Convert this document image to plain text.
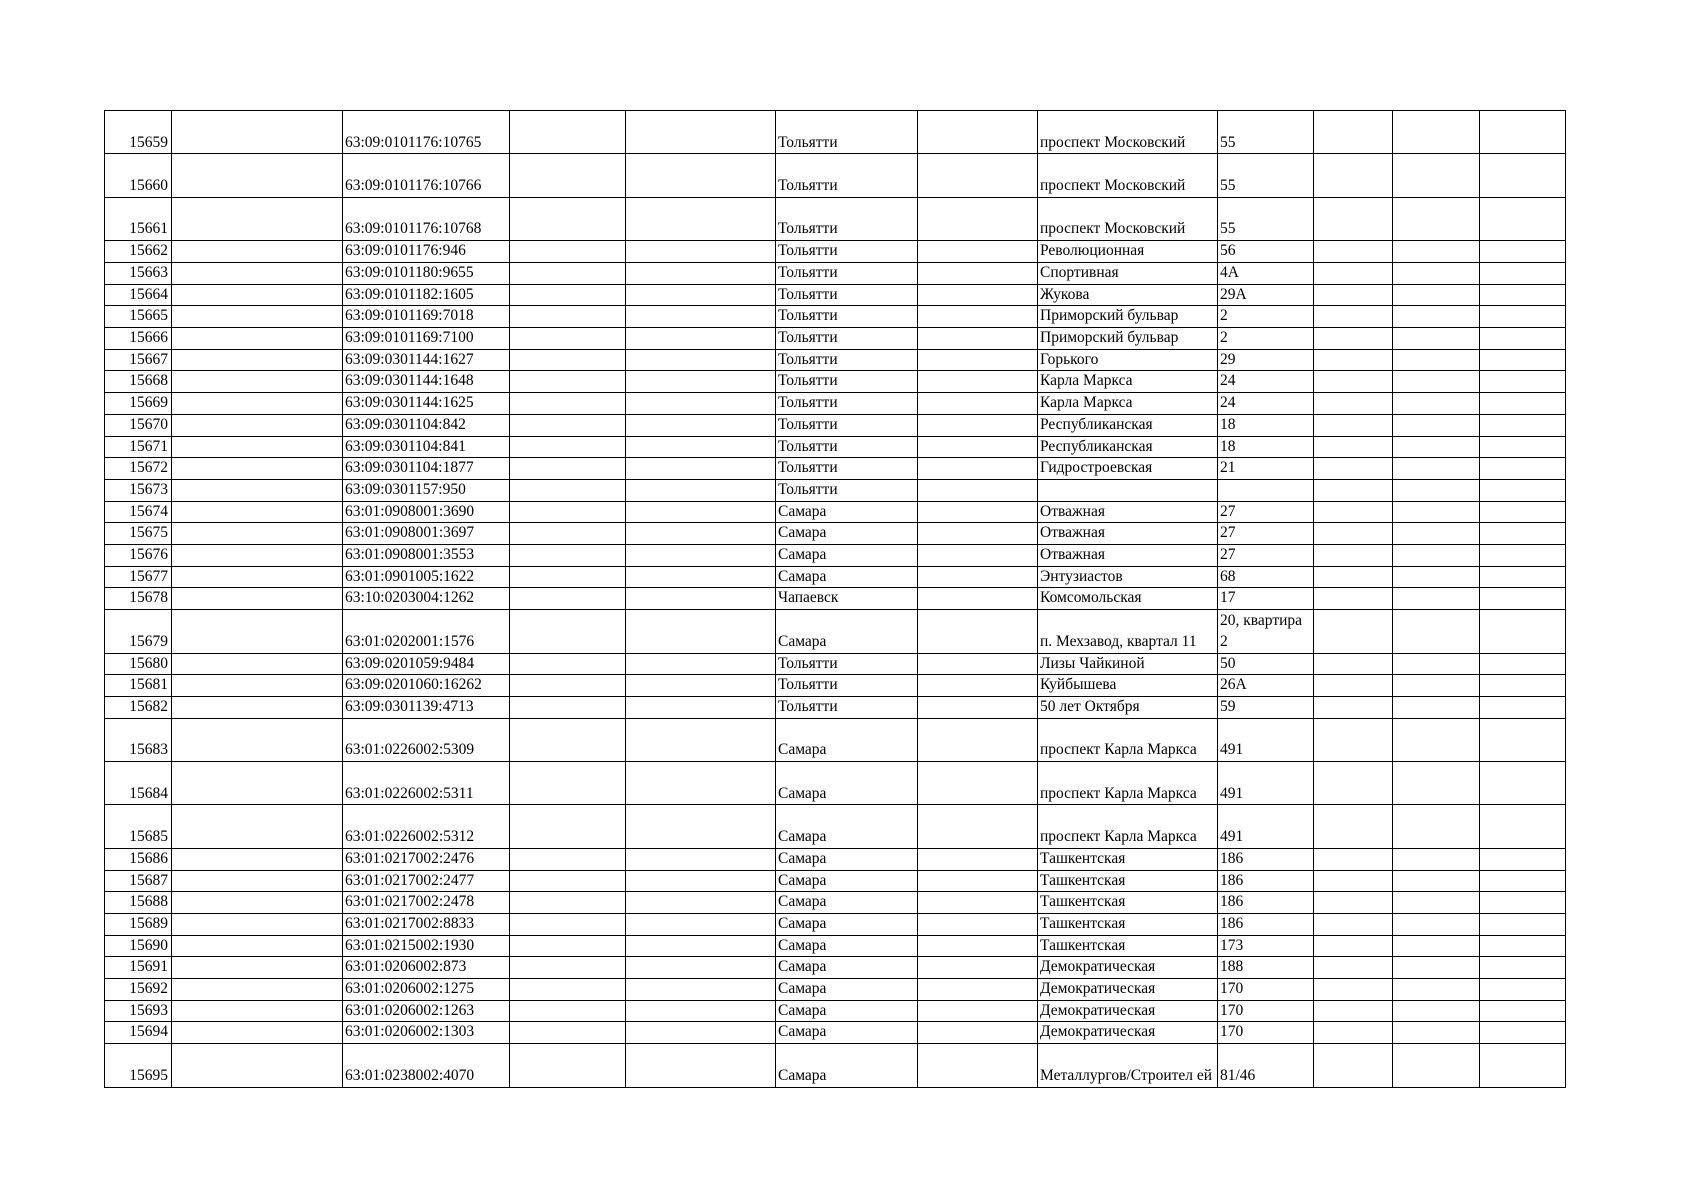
15659		63:09:0101176:10765			Тольятти		проспект Московский	55			
15660		63:09:0101176:10766			Тольятти		проспект Московский	55			
15661		63:09:0101176:10768			Тольятти		проспект Московский	55			
15662		63:09:0101176:946			Тольятти		Революционная	56			
15663		63:09:0101180:9655			Тольятти		Спортивная	4А			
15664		63:09:0101182:1605			Тольятти		Жукова	29А			
15665		63:09:0101169:7018			Тольятти		Приморский бульвар	2			
15666		63:09:0101169:7100			Тольятти		Приморский бульвар	2			
15667		63:09:0301144:1627			Тольятти		Горького	29			
15668		63:09:0301144:1648			Тольятти		Карла Маркса	24			
15669		63:09:0301144:1625			Тольятти		Карла Маркса	24			
15670		63:09:0301104:842			Тольятти		Республиканская	18			
15671		63:09:0301104:841			Тольятти		Республиканская	18			
15672		63:09:0301104:1877			Тольятти		Гидростроевская	21			
15673		63:09:0301157:950			Тольятти						
15674		63:01:0908001:3690			Самара		Отважная	27			
15675		63:01:0908001:3697			Самара		Отважная	27			
15676		63:01:0908001:3553			Самара		Отважная	27			
15677		63:01:0901005:1622			Самара		Энтузиастов	68			
15678		63:10:0203004:1262			Чапаевск		Комсомольская	17			
15679		63:01:0202001:1576			Самара		п. Мехзавод, квартал 11	20, квартира 2			
15680		63:09:0201059:9484			Тольятти		Лизы Чайкиной	50			
15681		63:09:0201060:16262			Тольятти		Куйбышева	26А			
15682		63:09:0301139:4713			Тольятти		50 лет Октября	59			
15683		63:01:0226002:5309			Самара		проспект Карла Маркса	491			
15684		63:01:0226002:5311			Самара		проспект Карла Маркса	491			
15685		63:01:0226002:5312			Самара		проспект Карла Маркса	491			
15686		63:01:0217002:2476			Самара		Ташкентская	186			
15687		63:01:0217002:2477			Самара		Ташкентская	186			
15688		63:01:0217002:2478			Самара		Ташкентская	186			
15689		63:01:0217002:8833			Самара		Ташкентская	186			
15690		63:01:0215002:1930			Самара		Ташкентская	173			
15691		63:01:0206002:873			Самара		Демократическая	188			
15692		63:01:0206002:1275			Самара		Демократическая	170			
15693		63:01:0206002:1263			Самара		Демократическая	170			
15694		63:01:0206002:1303			Самара		Демократическая	170			
15695		63:01:0238002:4070			Самара		Металлургов/Строител ей	81/46			
